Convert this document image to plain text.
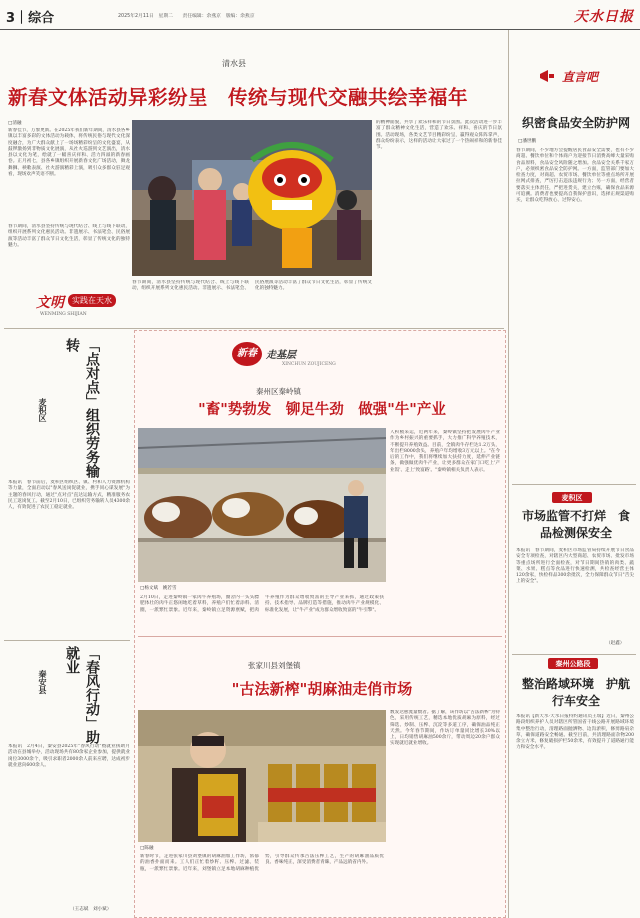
3｜综合	2025年2月11日　星期二　　责任编辑：余燕京　版编：余燕京	天水日报
清水县
新春文体活动异彩纷呈　传统与现代交融共绘幸福年
□清融
新春佳节，万象更新。在2025年我们新年期间，清水县各乡镇以丰富多彩的文体活动为载体，将传统民俗与现代文化深度融合，为广大群众献上了一场场精彩纷呈的文化盛宴，从鼓锣激扬到非物质文化展演，从社火巡游到文艺演出，清水县以文化为笔，绘就了一幅喜庆祥和、活力四溢的新春画卷。正月初七，县各乡镇组织开展新春文化广场活动，舞龙舞狮、秧歌表演、社火游演精彩上演，吸引众多群众驻足观看，现场欢声笑语不断。
春节期间，清水县坚持传统与现代结合、线上与线下联动，组织开展系列文化惠民活动。非遗展示、书法笔会、民俗展演等活动丰富了群众节日文化生活，彰显了传统文化的独特魅力。
的精神面貌，共享了欢乐祥和的节日氛围。此次活动进一步丰富了群众精神文化生活，营造了欢乐、祥和、喜庆的节日氛围。活动现场，各类文艺节目精彩纷呈，赢得观众阵阵掌声，群众纷纷表示，这样的活动让大家过了一个热闹祥和的新春佳节。
春节期间，清水县坚持传统与现代结合、线上与线下联动，组织开展系列文化惠民活动。非遗展示、书法笔会、民俗展演等活动丰富了群众节日文化生活，彰显了传统文化的独特魅力。
文明	实践在天水
WENMING SHIJIAN
「点对点」组织劳务输转
麦积区
本报讯　春节前后，麦积区组织区、镇、村和人力资源机构等力量，全面启动以"春风送岗促就业，携手同心谋发展"为主题的春风行动，通过"点对点"直达运输方式，精准服务农民工返岗复工。截至2月10日，已组织劳务输转人员4300余人，有效促进了农民工稳定就业。
「春风行动」助就业
秦安县
本报讯　2月4日，秦安县2025年"春风行动"暨就业援助月活动在县城举办，活动现场共有80余家企业参加，提供就业岗位3000余个，吸引求职者2000余人前来应聘，达成初步就业意向600余人。
（王志斌　刘小斌）
新春 走基层
XINCHUN ZOUJICENG
秦州区秦岭镇
"畜"势勃发　铆足牛劲　做强"牛"产业
□杨文斌　姚若雪
2月10日，走进秦岭镇一家肉牛养殖场，圈舍内一头头膘肥体壮的肉牛正悠闲地吃着草料，养殖户们忙着添料、清圈，一派繁忙景象。近年来，秦岭镇立足资源禀赋，把肉牛养殖作为群众增收致富的主导产业来抓，通过政策扶持、技术指导、品牌打造等措施，推动肉牛产业规模化、标准化发展，让"牛产业"成为群众增收致富的"牛引擎"。
人积极采运，近两年来，秦岭镇坚持把发展肉牛产业作为乡村振兴的重要抓手，大力推广科学养殖技术，不断提升养殖效益。目前，全镇肉牛存栏达1.2万头，年出栏8000余头，养殖户年均增收3万元以上。"在今后的工作中，我们将继续加大扶持力度，延伸产业链条，做强做优肉牛产业，让更多群众在家门口吃上'产业饭'、走上'致富路'。"秦岭镇相关负责人表示。
张家川县刘堡镇
"古法新榨"胡麻油走俏市场
□陈融
新春时节，走进张家川县刘堡镇的胡麻油加工作坊，浓郁的油香扑面而来。工人们正忙着炒籽、压榨、过滤、装瓶，一派繁忙景象。近年来，刘堡镇立足本地胡麻种植优势，引导群众传承古法压榨工艺，生产的胡麻油品质优良、香味纯正，深受消费者青睐，产品远销省内外。
数发达惠流量数者。据了解，该作坊以"古法新榨"为特色，采用传统工艺，精选本地优质胡麻为原料，经过筛选、炒制、压榨、沉淀等多道工序，确保油品纯正天然。今年春节期间，作坊订单量同比增长30%以上，日均销售胡麻油500余斤，带动周边20余户群众实现就近就业增收。
直言吧
织密食品安全防护网
□潘世鹏
春节期间，不少地方会提醒居民食品安全需要，也有不少商超、餐饮单位和个体商户为迎接节日消费高峰大量采购食品原料，食品安全风险随之增加。食品安全关系千家万户，必须织密食品安全防护网。一方面，监管部门要加大检查力度，对商超、农贸市场、餐饮单位等重点场所开展拉网式排查，严厉打击违法违规行为；另一方面，经营者要落实主体责任，严把进货关，建立台账，确保食品来源可追溯。消费者也要提高自我保护意识，选择正规渠道购买，让群众吃得放心、过得安心。
麦积区
市场监管不打烊　食品检测保安全
本报讯　春节期间，麦积区市场监管局持续开展节日食品安全专项检查，对辖区内大型商超、农贸市场、批发市场等重点场所进行全面检查，对节日期间热销的肉类、蔬菜、水果、糕点等食品进行快速检测，共检查经营主体120余家，快检样品300余批次，全力保障群众节日"舌尖上的安全"。
（赵鑫）
秦州公路段
整治路域环境　护航行车安全
本报讯【新天水·天水日报特约通讯员王瑞】近日，秦州公路段组织养护人员对辖区所管国省干线公路开展路域环境集中整治行动，清理路面抛洒物、边沟淤积，修剪路肩杂草，确保道路安全畅通。截至目前，共清理路面杂物200余立方米，修复破损护栏50余米，有效提升了道路通行能力和安全水平。
